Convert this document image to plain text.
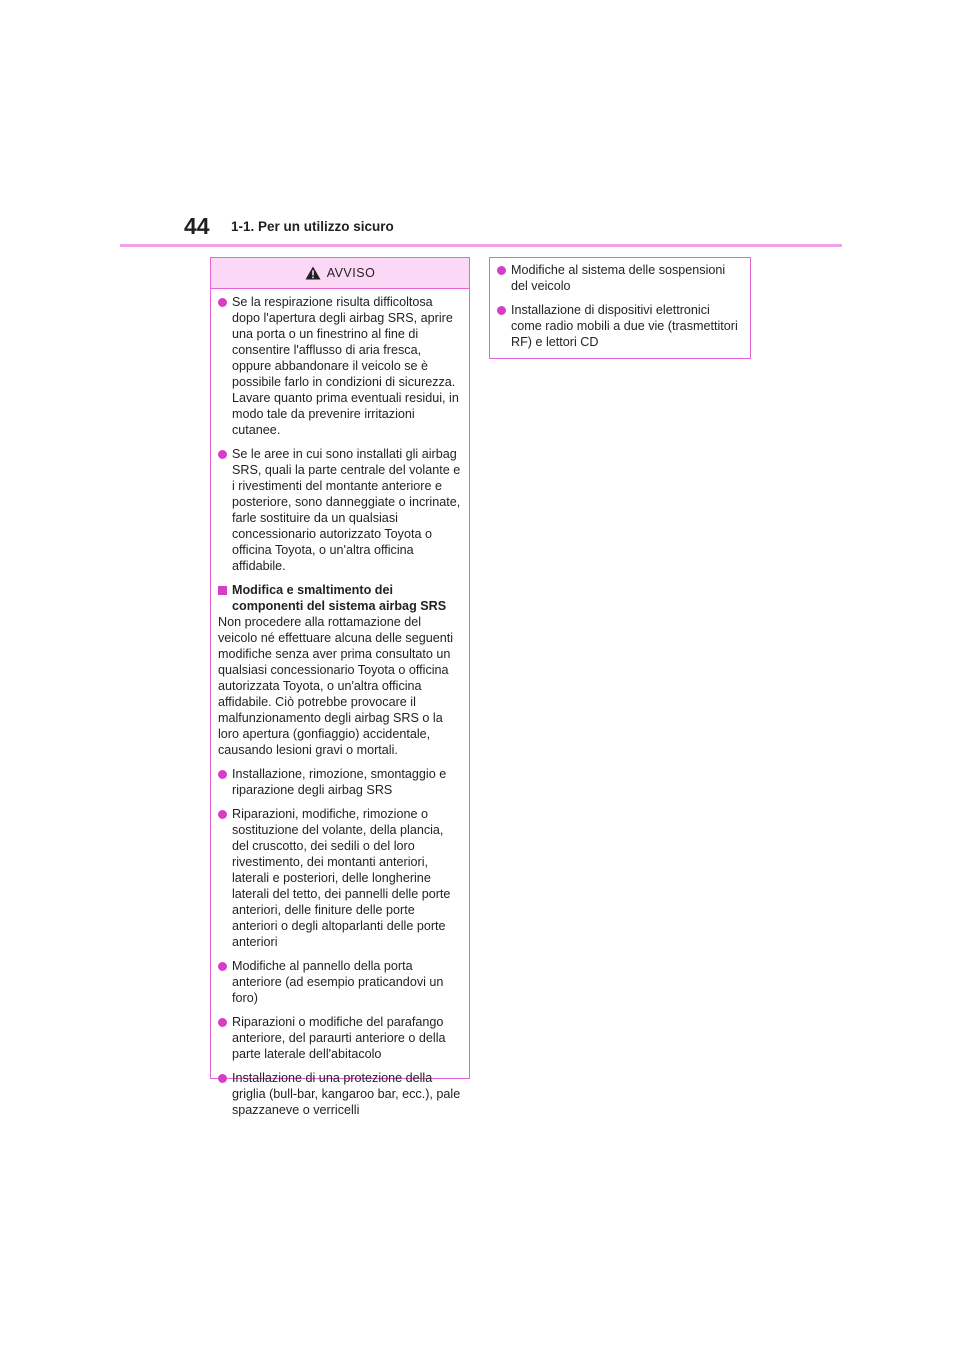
44 1-1. Per un utilizzo sicuro
AVVISO
Se la respirazione risulta difficoltosa dopo l'apertura degli airbag SRS, aprire una porta o un finestrino al fine di consentire l'afflusso di aria fresca, oppure abbandonare il veicolo se è possibile farlo in condizioni di sicurezza. Lavare quanto prima eventuali residui, in modo tale da prevenire irritazioni cutanee.
Se le aree in cui sono installati gli airbag SRS, quali la parte centrale del volante e i rivestimenti del montante anteriore e posteriore, sono danneggiate o incrinate, farle sostituire da un qualsiasi concessionario autorizzato Toyota o officina Toyota, o un'altra officina affidabile.
Modifica e smaltimento dei componenti del sistema airbag SRS
Non procedere alla rottamazione del veicolo né effettuare alcuna delle seguenti modifiche senza aver prima consultato un qualsiasi concessionario Toyota o officina autorizzata Toyota, o un'altra officina affidabile. Ciò potrebbe provocare il malfunzionamento degli airbag SRS o la loro apertura (gonfiaggio) accidentale, causando lesioni gravi o mortali.
Installazione, rimozione, smontaggio e riparazione degli airbag SRS
Riparazioni, modifiche, rimozione o sostituzione del volante, della plancia, del cruscotto, dei sedili o del loro rivestimento, dei montanti anteriori, laterali e posteriori, delle longherine laterali del tetto, dei pannelli delle porte anteriori, delle finiture delle porte anteriori o degli altoparlanti delle porte anteriori
Modifiche al pannello della porta anteriore (ad esempio praticandovi un foro)
Riparazioni o modifiche del parafango anteriore, del paraurti anteriore o della parte laterale dell'abitacolo
Installazione di una protezione della griglia (bull-bar, kangaroo bar, ecc.), pale spazzaneve o verricelli
Modifiche al sistema delle sospensioni del veicolo
Installazione di dispositivi elettronici come radio mobili a due vie (trasmettitori RF) e lettori CD
